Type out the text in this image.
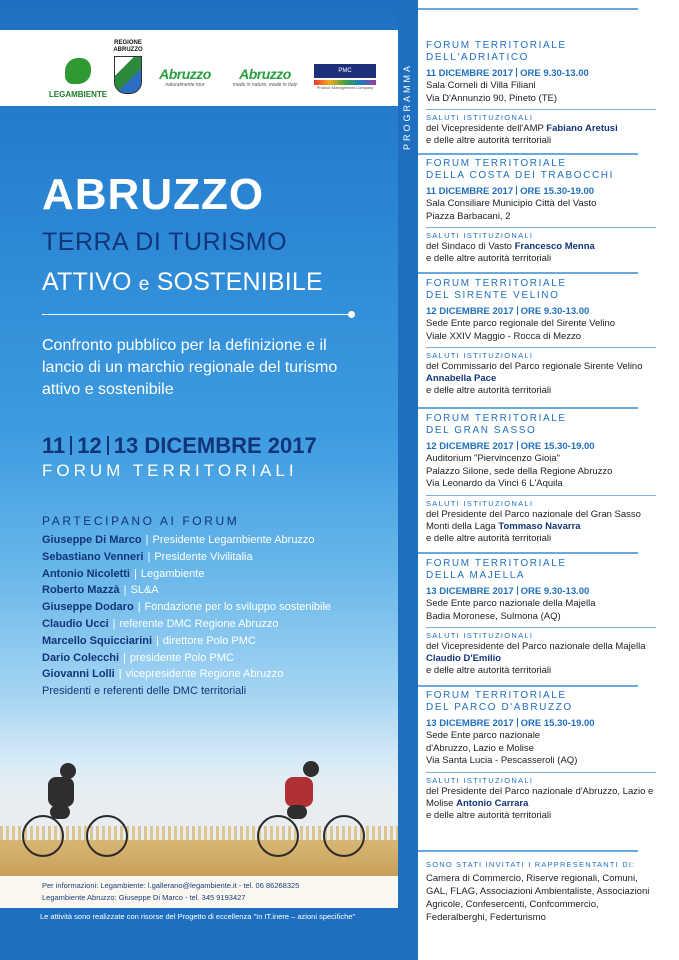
LEGAMBIENTE
REGIONE ABRUZZO
Abruzzo
naturalmente tour
Abruzzo
made in nature, made in Italy
PMC
Product Management Company
ABRUZZO
TERRA DI TURISMO
ATTIVO e SOSTENIBILE
Confronto pubblico per la definizione e il lancio di un marchio regionale del turismo attivo e sostenibile
11 12 13 DICEMBRE 2017
FORUM TERRITORIALI
PARTECIPANO AI FORUM
Giuseppe Di Marco | Presidente Legambiente Abruzzo
Sebastiano Venneri | Presidente Vivilitalia
Antonio Nicoletti | Legambiente
Roberto Mazzà | SL&A
Giuseppe Dodaro | Fondazione per lo sviluppo sostenibile
Claudio Ucci | referente DMC Regione Abruzzo
Marcello Squicciarini | direttore Polo PMC
Dario Colecchi | presidente Polo PMC
Giovanni Lolli | vicepresidente Regione Abruzzo
Presidenti e referenti delle DMC territoriali
Per informazioni: Legambiente: l.gallerano@legambiente.it - tel. 06 86268325
Legambiente Abruzzo: Giuseppe Di Marco - tel. 345 9193427
Le attività sono realizzate con risorse del Progetto di eccellenza "In IT.inere – azioni specifiche"
PROGRAMMA
FORUM TERRITORIALE
DELL'ADRIATICO
11 DICEMBRE 2017 ORE 9.30-13.00
Sala Corneli di Villa Filiani
Via D'Annunzio 90, Pineto (TE)
SALUTI ISTITUZIONALI
del Vicepresidente dell'AMP Fabiano Aretusi
e delle altre autorità territoriali
FORUM TERRITORIALE
DELLA COSTA DEI TRABOCCHI
11 DICEMBRE 2017 ORE 15.30-19.00
Sala Consiliare Municipio Città del Vasto
Piazza Barbacani, 2
SALUTI ISTITUZIONALI
del Sindaco di Vasto Francesco Menna
e delle altre autorità territoriali
FORUM TERRITORIALE
DEL SIRENTE VELINO
12 DICEMBRE 2017 ORE 9.30-13.00
Sede Ente parco regionale del Sirente Velino
Viale XXIV Maggio - Rocca di Mezzo
SALUTI ISTITUZIONALI
del Commissario del Parco regionale Sirente Velino Annabella Pace
e delle altre autorità territoriali
FORUM TERRITORIALE
DEL GRAN SASSO
12 DICEMBRE 2017 ORE 15.30-19.00
Auditorium "Piervincenzo Gioia"
Palazzo Silone, sede della Regione Abruzzo
Via Leonardo da Vinci 6 L'Aquila
SALUTI ISTITUZIONALI
del Presidente del Parco nazionale del Gran Sasso Monti della Laga Tommaso Navarra
e delle altre autorità territoriali
FORUM TERRITORIALE
DELLA MAJELLA
13 DICEMBRE 2017 ORE 9.30-13.00
Sede Ente parco nazionale della Majella
Badia Moronese, Sulmona (AQ)
SALUTI ISTITUZIONALI
del Vicepresidente del Parco nazionale della Majella Claudio D'Emilio
e delle altre autorità territoriali
FORUM TERRITORIALE
DEL PARCO D'ABRUZZO
13 DICEMBRE 2017 ORE 15.30-19.00
Sede Ente parco nazionale
d'Abruzzo, Lazio e Molise
Via Santa Lucia - Pescasseroli (AQ)
SALUTI ISTITUZIONALI
del Presidente del Parco nazionale d'Abruzzo, Lazio e Molise Antonio Carrara
e delle altre autorità territoriali
SONO STATI INVITATI I RAPPRESENTANTI DI:
Camera di Commercio, Riserve regionali, Comuni, GAL, FLAG, Associazioni Ambientaliste, Associazioni Agricole, Confesercenti, Confcommercio, Federalberghi, Federturismo
